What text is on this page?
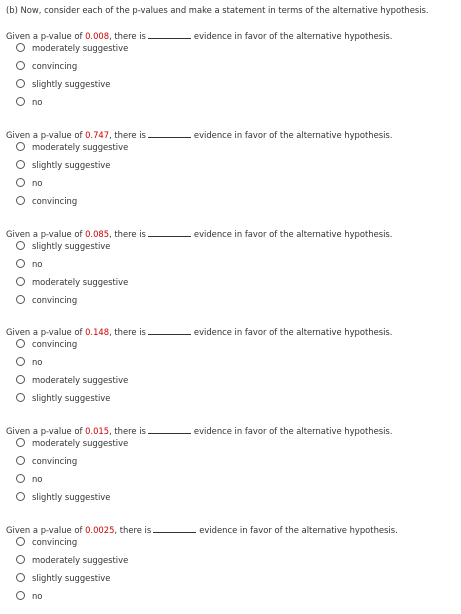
(b) Now, consider each of the p-values and make a statement in terms of the alternative hypothesis.
Given a p-value of 0.008, there is	evidence in favor of the alternative hypothesis.
moderately suggestive
convincing
slightly suggestive
no
Given a p-value of 0.747, there is	evidence in favor of the alternative hypothesis.
moderately suggestive
slightly suggestive
no
convincing
Given a p-value of 0.085, there is	evidence in favor of the alternative hypothesis.
slightly suggestive
no
moderately suggestive
convincing
Given a p-value of 0.148, there is	evidence in favor of the alternative hypothesis.
convincing
no
moderately suggestive
slightly suggestive
Given a p-value of 0.015, there is	evidence in favor of the alternative hypothesis.
moderately suggestive
convincing
no
slightly suggestive
Given a p-value of 0.0025, there is	evidence in favor of the alternative hypothesis.
convincing
moderately suggestive
slightly suggestive
no
